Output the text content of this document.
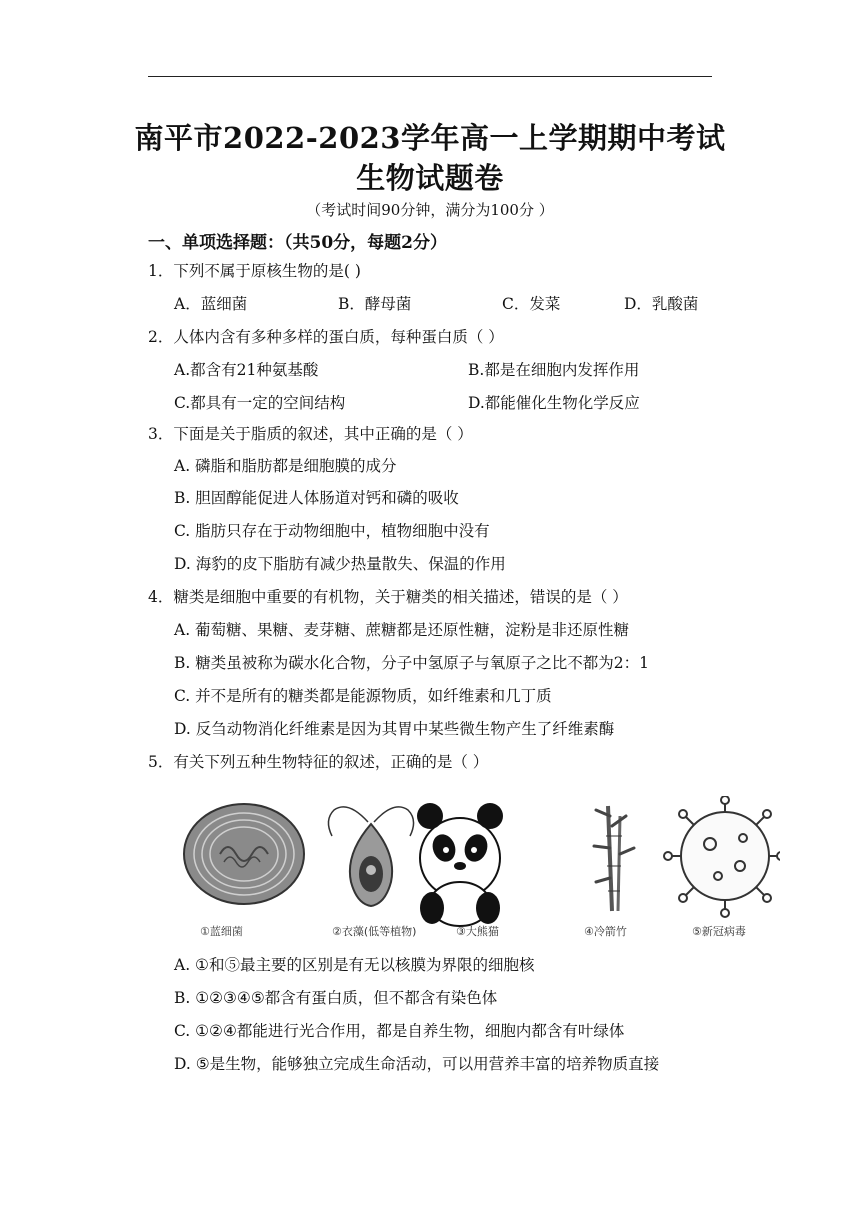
南平市2022-2023学年高一上学期期中考试
生物试题卷
（考试时间90分钟，满分为100分 ）
一、单项选择题：（共50分，每题2分）
1．下列不属于原核生物的是( )
A．蓝细菌	B．酵母菌	C．发菜	D．乳酸菌
2．人体内含有多种多样的蛋白质，每种蛋白质（ ）
A.都含有21种氨基酸	B.都是在细胞内发挥作用
C.都具有一定的空间结构	D.都能催化生物化学反应
3．下面是关于脂质的叙述，其中正确的是（ ）
A. 磷脂和脂肪都是细胞膜的成分
B. 胆固醇能促进人体肠道对钙和磷的吸收
C. 脂肪只存在于动物细胞中，植物细胞中没有
D. 海豹的皮下脂肪有减少热量散失、保温的作用
4．糖类是细胞中重要的有机物，关于糖类的相关描述，错误的是（ ）
A. 葡萄糖、果糖、麦芽糖、蔗糖都是还原性糖，淀粉是非还原性糖
B. 糖类虽被称为碳水化合物，分子中氢原子与氧原子之比不都为2：1
C. 并不是所有的糖类都是能源物质，如纤维素和几丁质
D. 反刍动物消化纤维素是因为其胃中某些微生物产生了纤维素酶
5．有关下列五种生物特征的叙述，正确的是（ ）
①蓝细菌	②衣藻(低等植物)	③大熊猫	④冷箭竹	⑤新冠病毒
A. ①和⑤最主要的区别是有无以核膜为界限的细胞核
B. ①②③④⑤都含有蛋白质，但不都含有染色体
C. ①②④都能进行光合作用，都是自养生物，细胞内都含有叶绿体
D. ⑤是生物，能够独立完成生命活动，可以用营养丰富的培养物质直接
